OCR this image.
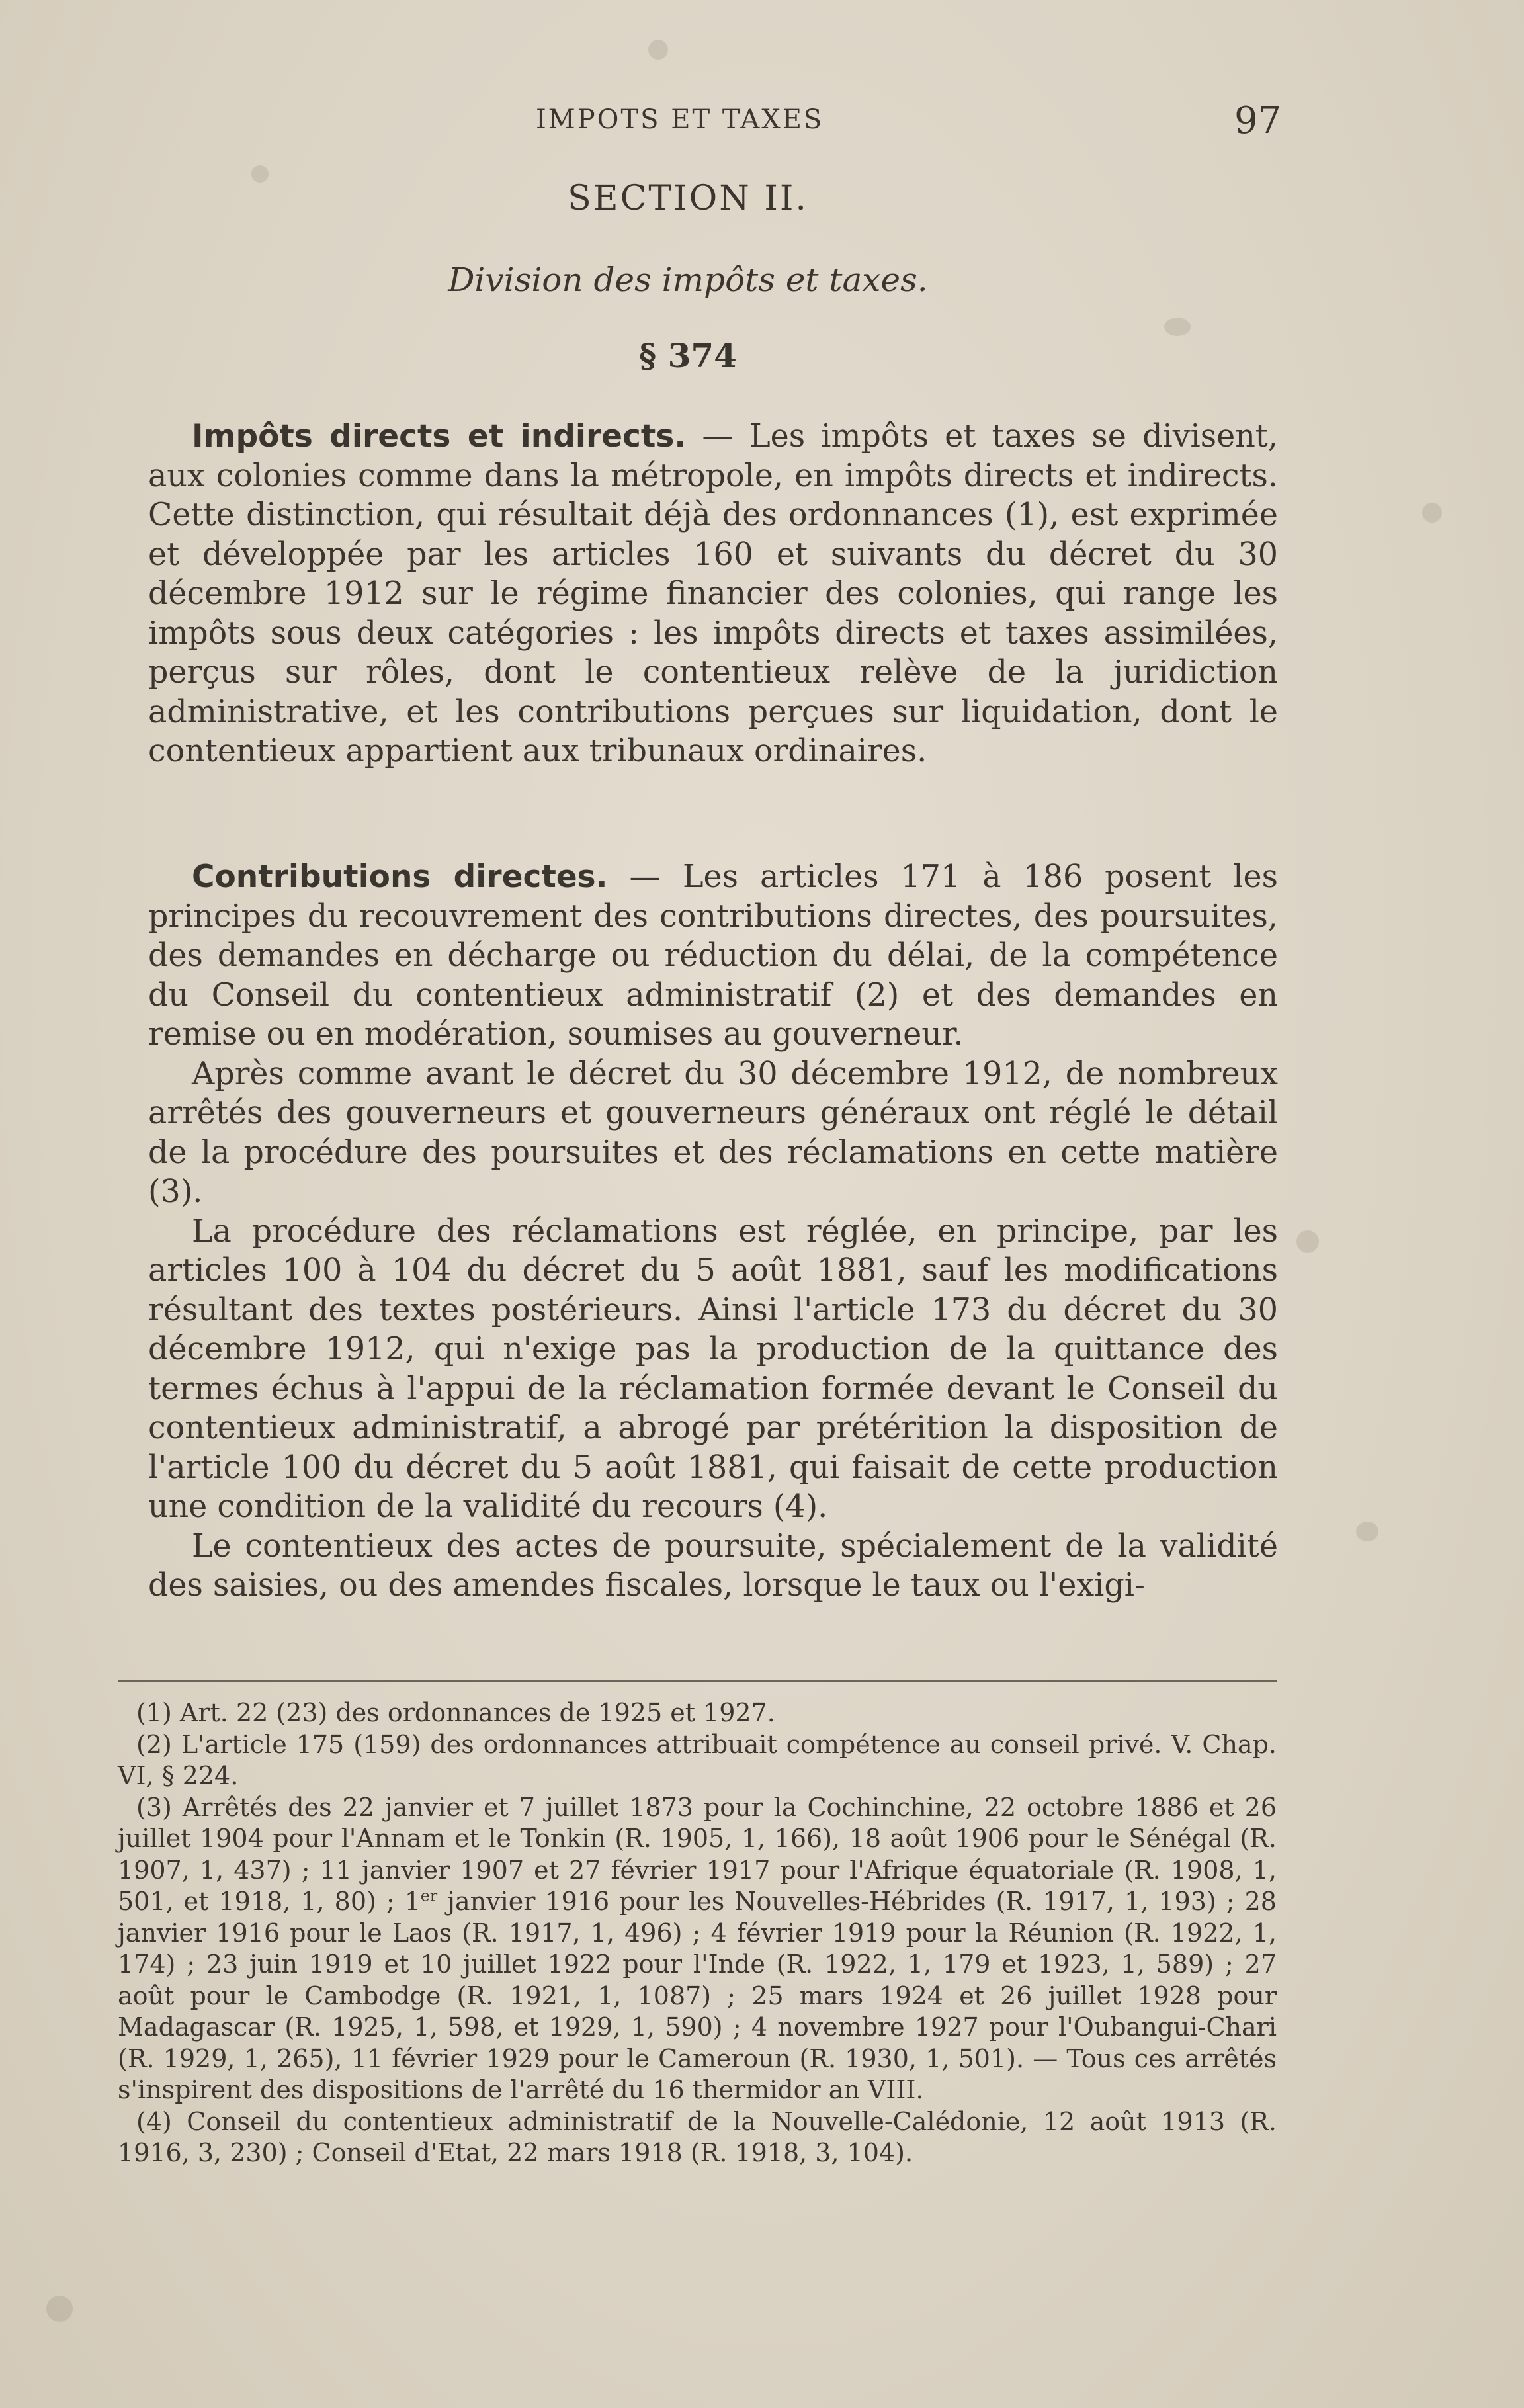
IMPOTS ET TAXES	97
SECTION II.
Division des impôts et taxes.
§ 374

Impôts directs et indirects. — Les impôts et taxes se divisent, aux colonies comme dans la métropole, en impôts directs et indirects. Cette distinction, qui résultait déjà des ordonnances (1), est exprimée et développée par les articles 160 et suivants du décret du 30 décembre 1912 sur le régime financier des colonies, qui range les impôts sous deux catégories : les impôts directs et taxes assimilées, perçus sur rôles, dont le contentieux relève de la juridiction administrative, et les contributions perçues sur liquidation, dont le contentieux appartient aux tribunaux ordinaires.

Contributions directes. — Les articles 171 à 186 posent les principes du recouvrement des contributions directes, des poursuites, des demandes en décharge ou réduction du délai, de la compétence du Conseil du contentieux administratif (2) et des demandes en remise ou en modération, soumises au gouverneur.

Après comme avant le décret du 30 décembre 1912, de nombreux arrêtés des gouverneurs et gouverneurs généraux ont réglé le détail de la procédure des poursuites et des réclamations en cette matière (3).

La procédure des réclamations est réglée, en principe, par les articles 100 à 104 du décret du 5 août 1881, sauf les modifications résultant des textes postérieurs. Ainsi l'article 173 du décret du 30 décembre 1912, qui n'exige pas la production de la quittance des termes échus à l'appui de la réclamation formée devant le Conseil du contentieux administratif, a abrogé par prétérition la disposition de l'article 100 du décret du 5 août 1881, qui faisait de cette production une condition de la validité du recours (4).

Le contentieux des actes de poursuite, spécialement de la validité des saisies, ou des amendes fiscales, lorsque le taux ou l'exigi-

(1) Art. 22 (23) des ordonnances de 1925 et 1927.

(2) L'article 175 (159) des ordonnances attribuait compétence au conseil privé. V. Chap. VI, § 224.

(3) Arrêtés des 22 janvier et 7 juillet 1873 pour la Cochinchine, 22 octobre 1886 et 26 juillet 1904 pour l'Annam et le Tonkin (R. 1905, 1, 166), 18 août 1906 pour le Sénégal (R. 1907, 1, 437) ; 11 janvier 1907 et 27 février 1917 pour l'Afrique équatoriale (R. 1908, 1, 501, et 1918, 1, 80) ; 1er janvier 1916 pour les Nouvelles-Hébrides (R. 1917, 1, 193) ; 28 janvier 1916 pour le Laos (R. 1917, 1, 496) ; 4 février 1919 pour la Réunion (R. 1922, 1, 174) ; 23 juin 1919 et 10 juillet 1922 pour l'Inde (R. 1922, 1, 179 et 1923, 1, 589) ; 27 août pour le Cambodge (R. 1921, 1, 1087) ; 25 mars 1924 et 26 juillet 1928 pour Madagascar (R. 1925, 1, 598, et 1929, 1, 590) ; 4 novembre 1927 pour l'Oubangui-Chari (R. 1929, 1, 265), 11 février 1929 pour le Cameroun (R. 1930, 1, 501). — Tous ces arrêtés s'inspirent des dispositions de l'arrêté du 16 thermidor an VIII.

(4) Conseil du contentieux administratif de la Nouvelle-Calédonie, 12 août 1913 (R. 1916, 3, 230) ; Conseil d'Etat, 22 mars 1918 (R. 1918, 3, 104).
